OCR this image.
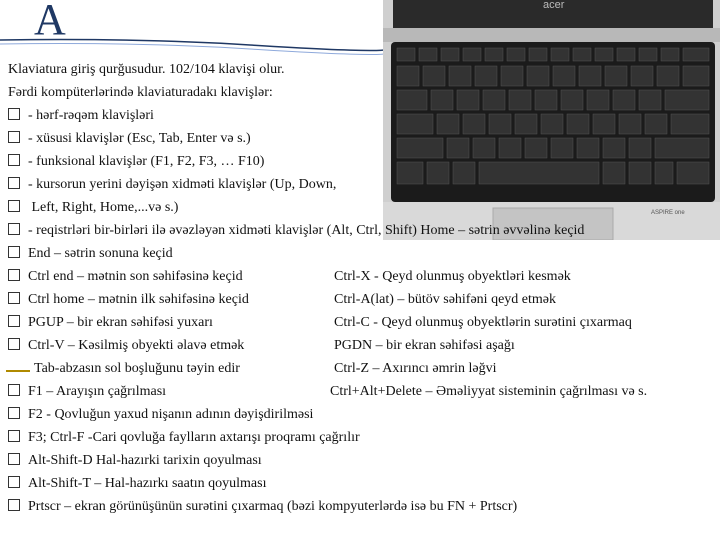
A	acer
ASPIRE one
Klaviatura giriş qurğusudur. 102/104 klavişi olur.
Fərdi kompüterlərində klaviaturadakı klavişlər:
- hərf-rəqəm klavişləri
- xüsusi klavişlər (Esc, Tab, Enter və s.)
- funksional klavişlər (F1, F2, F3, … F10)
- kursorun yerini dəyişən xidməti klavişlər (Up, Down,
Left, Right, Home,...və s.)
- reqistrləri bir-birləri ilə əvəzləyən xidməti klavişlər (Alt, Ctrl, Shift) Home – sətrin əvvəlinə keçid
End – sətrin sonuna keçid
Ctrl end – mətnin son səhifəsinə keçid
Ctrl home – mətnin ilk səhifəsinə keçid
PGUP – bir ekran səhifəsi yuxarı
Ctrl-V – Kəsilmiş obyekti əlavə etmək
Tab-abzasın sol boşluğunu təyin edir
F1 – Arayışın çağrılması
F2 - Qovluğun yaxud nişanın adının dəyişdirilməsi
F3; Ctrl-F -Cari qovluğa faylların axtarışı proqramı çağrılır
Alt-Shift-D Hal-hazırki tarixin qoyulması
Alt-Shift-T – Hal-hazırkı saatın qoyulması
Prtscr – ekran görünüşünün surətini çıxarmaq (bəzi kompyuterlərdə isə bu FN + Prtscr)
Ctrl-X - Qeyd olunmuş obyektləri kesmək
Ctrl-A(lat) – bütöv səhifəni qeyd etmək
Ctrl-C - Qeyd olunmuş obyektlərin surətini çıxarmaq
PGDN – bir ekran səhifəsi aşağı
Ctrl-Z – Axırıncı əmrin ləğvi
Ctrl+Alt+Delete – Əməliyyat sisteminin çağrılması və s.
